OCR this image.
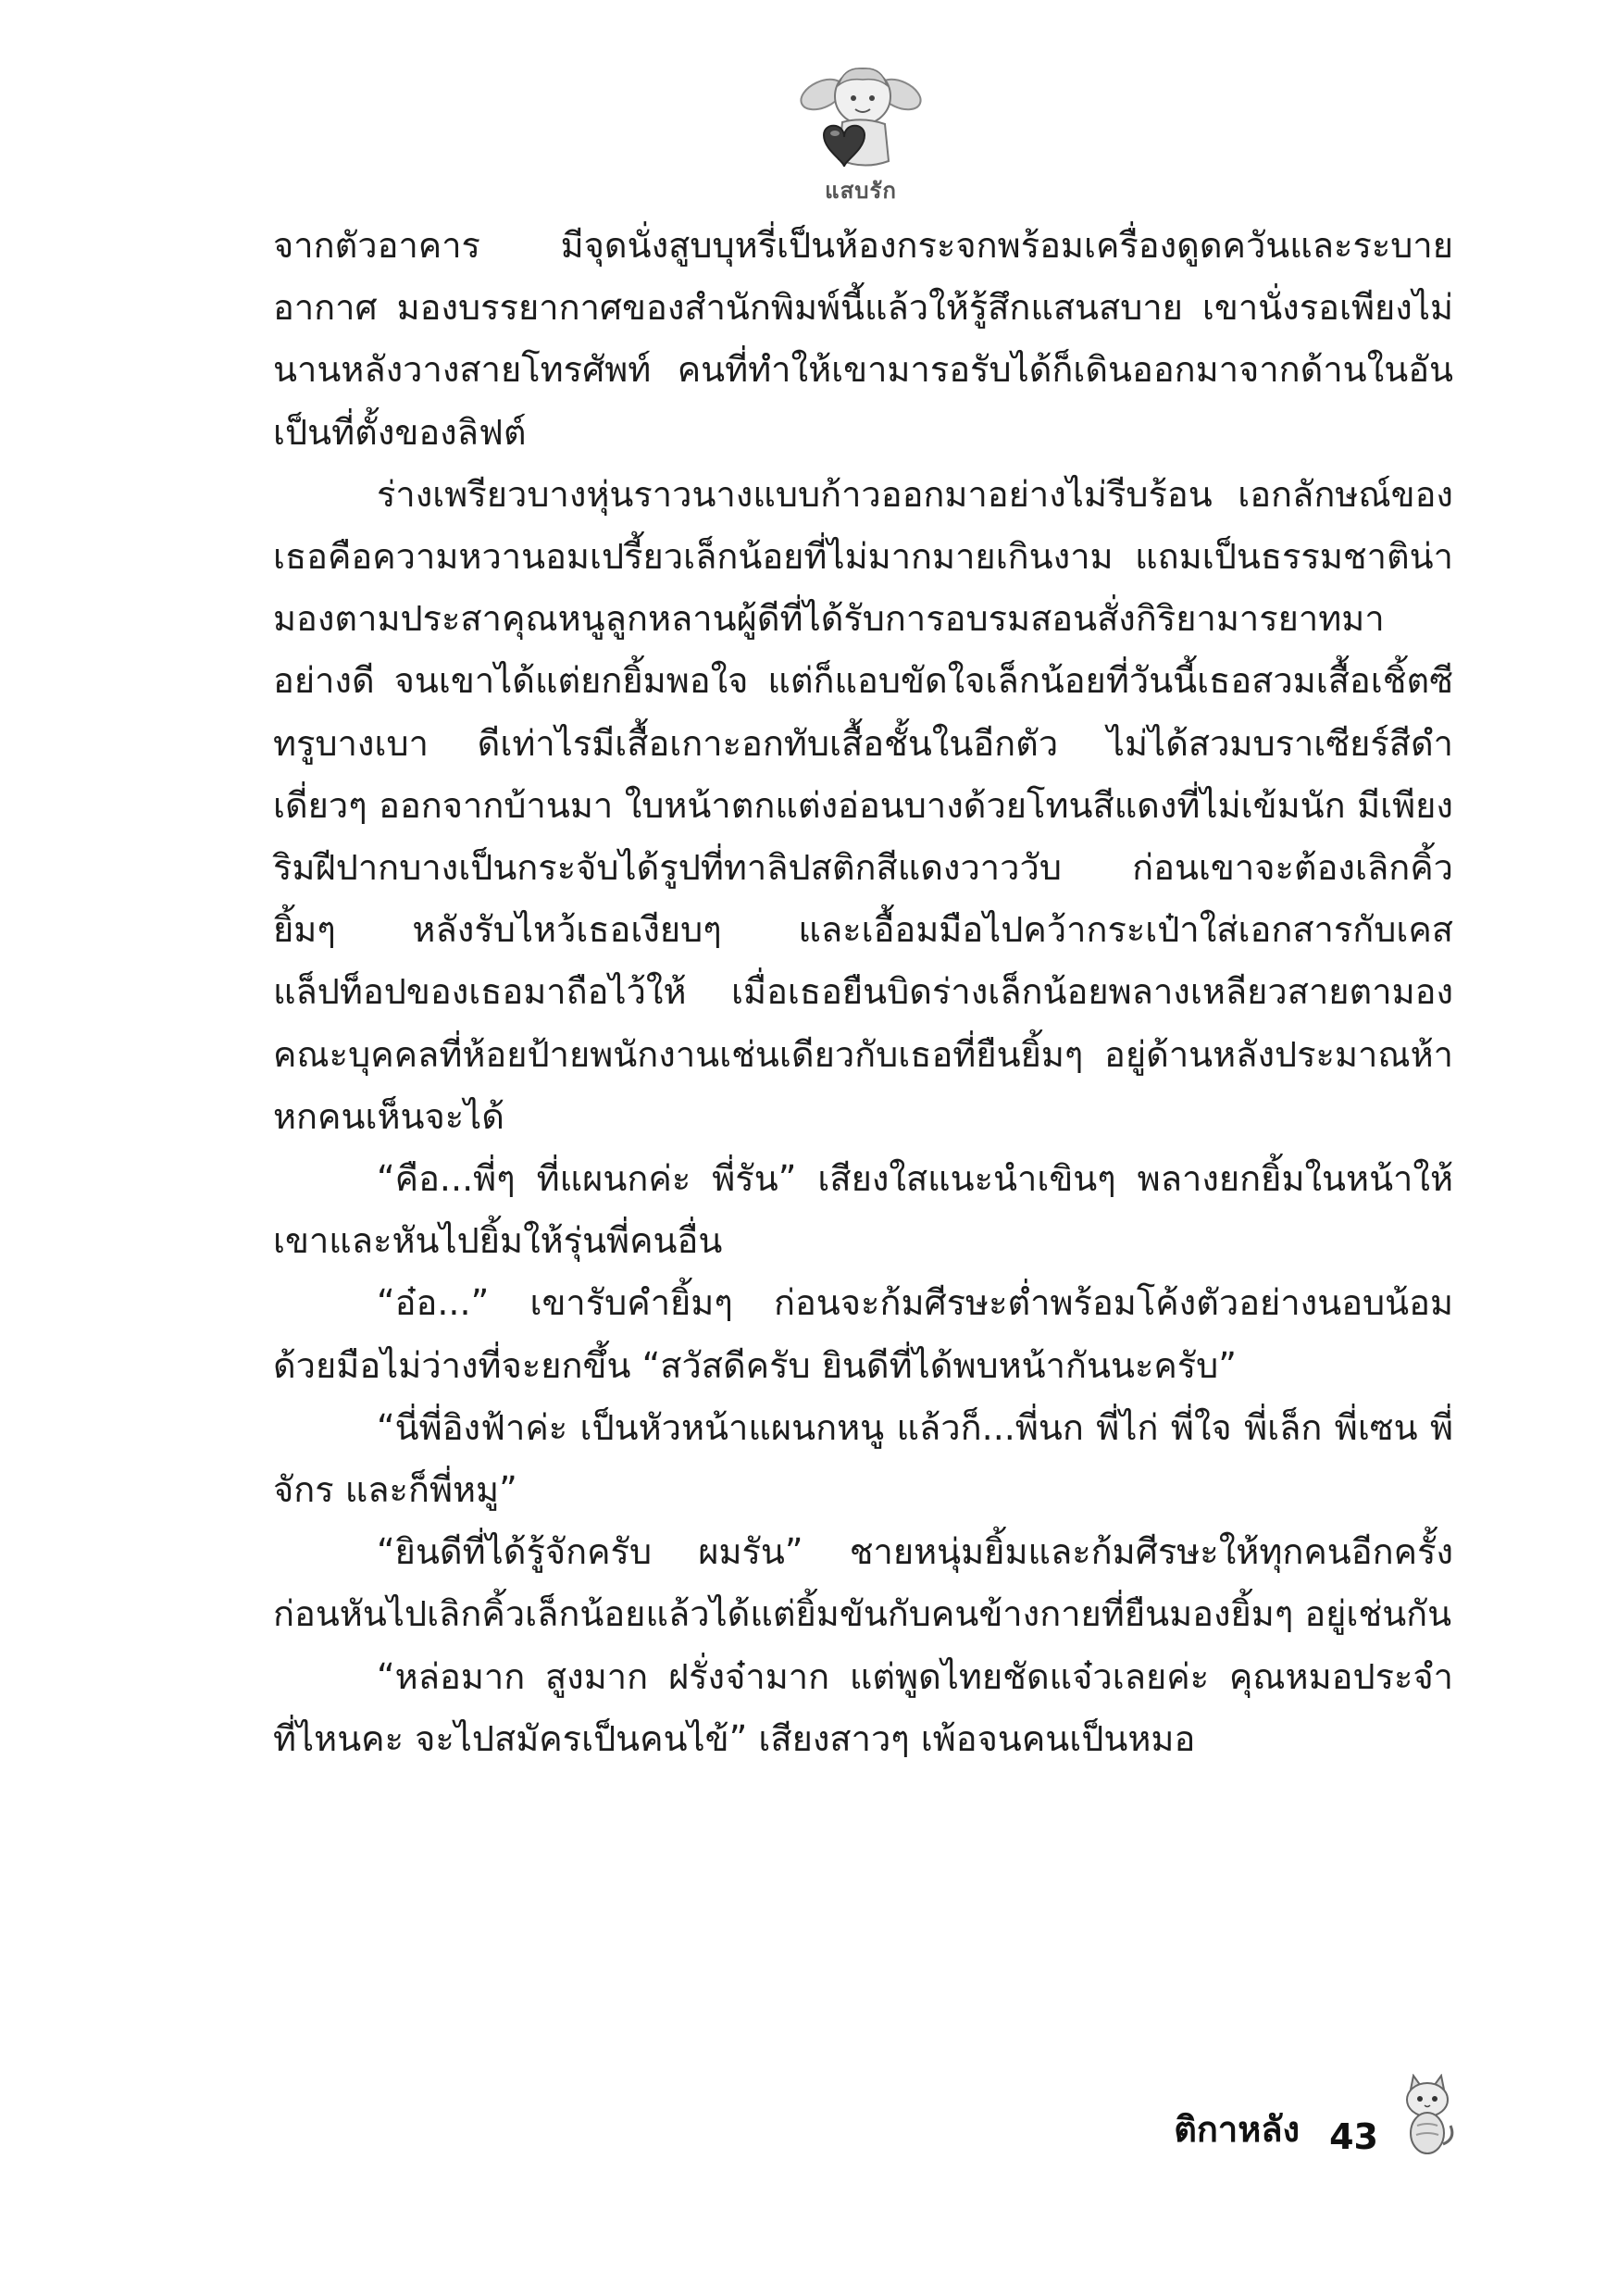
แสบรัก

จากตัวอาคาร มีจุดนั่งสูบบุหรี่เป็นห้องกระจกพร้อมเครื่องดูดควันและระบายอากาศ มองบรรยากาศของสำนักพิมพ์นี้แล้วให้รู้สึกแสนสบาย เขานั่งรอเพียงไม่นานหลังวางสายโทรศัพท์ คนที่ทำให้เขามารอรับได้ก็เดินออกมาจากด้านในอันเป็นที่ตั้งของลิฟต์

ร่างเพรียวบางหุ่นราวนางแบบก้าวออกมาอย่างไม่รีบร้อน เอกลักษณ์ของเธอคือความหวานอมเปรี้ยวเล็กน้อยที่ไม่มากมายเกินงาม แถมเป็นธรรมชาติน่ามองตามประสาคุณหนูลูกหลานผู้ดีที่ได้รับการอบรมสอนสั่งกิริยามารยาทมาอย่างดี จนเขาได้แต่ยกยิ้มพอใจ แต่ก็แอบขัดใจเล็กน้อยที่วันนี้เธอสวมเสื้อเชิ้ตซีทรูบางเบา ดีเท่าไรมีเสื้อเกาะอกทับเสื้อชั้นในอีกตัว ไม่ได้สวมบราเซียร์สีดำเดี่ยวๆ ออกจากบ้านมา ใบหน้าตกแต่งอ่อนบางด้วยโทนสีแดงที่ไม่เข้มนัก มีเพียงริมฝีปากบางเป็นกระจับได้รูปที่ทาลิปสติกสีแดงวาววับ ก่อนเขาจะต้องเลิกคิ้วยิ้มๆ หลังรับไหว้เธอเงียบๆ และเอื้อมมือไปคว้ากระเป๋าใส่เอกสารกับเคสแล็ปท็อปของเธอมาถือไว้ให้ เมื่อเธอยืนบิดร่างเล็กน้อยพลางเหลียวสายตามองคณะบุคคลที่ห้อยป้ายพนักงานเช่นเดียวกับเธอที่ยืนยิ้มๆ อยู่ด้านหลังประมาณห้าหกคนเห็นจะได้

“คือ...พี่ๆ ที่แผนกค่ะ พี่รัน” เสียงใสแนะนำเขินๆ พลางยกยิ้มในหน้าให้เขาและหันไปยิ้มให้รุ่นพี่คนอื่น

“อ๋อ...” เขารับคำยิ้มๆ ก่อนจะก้มศีรษะต่ำพร้อมโค้งตัวอย่างนอบน้อมด้วยมือไม่ว่างที่จะยกขึ้น “สวัสดีครับ ยินดีที่ได้พบหน้ากันนะครับ”

“นี่พี่อิงฟ้าค่ะ เป็นหัวหน้าแผนกหนู แล้วก็...พี่นก พี่ไก่ พี่ใจ พี่เล็ก พี่เซน พี่จักร และก็พี่หมู”

“ยินดีที่ได้รู้จักครับ ผมรัน” ชายหนุ่มยิ้มและก้มศีรษะให้ทุกคนอีกครั้ง ก่อนหันไปเลิกคิ้วเล็กน้อยแล้วได้แต่ยิ้มขันกับคนข้างกายที่ยืนมองยิ้มๆ อยู่เช่นกัน

“หล่อมาก สูงมาก ฝรั่งจ๋ามาก แต่พูดไทยชัดแจ๋วเลยค่ะ คุณหมอประจำที่ไหนคะ จะไปสมัครเป็นคนไข้” เสียงสาวๆ เพ้อจนคนเป็นหมอ

ติกาหลัง 43
